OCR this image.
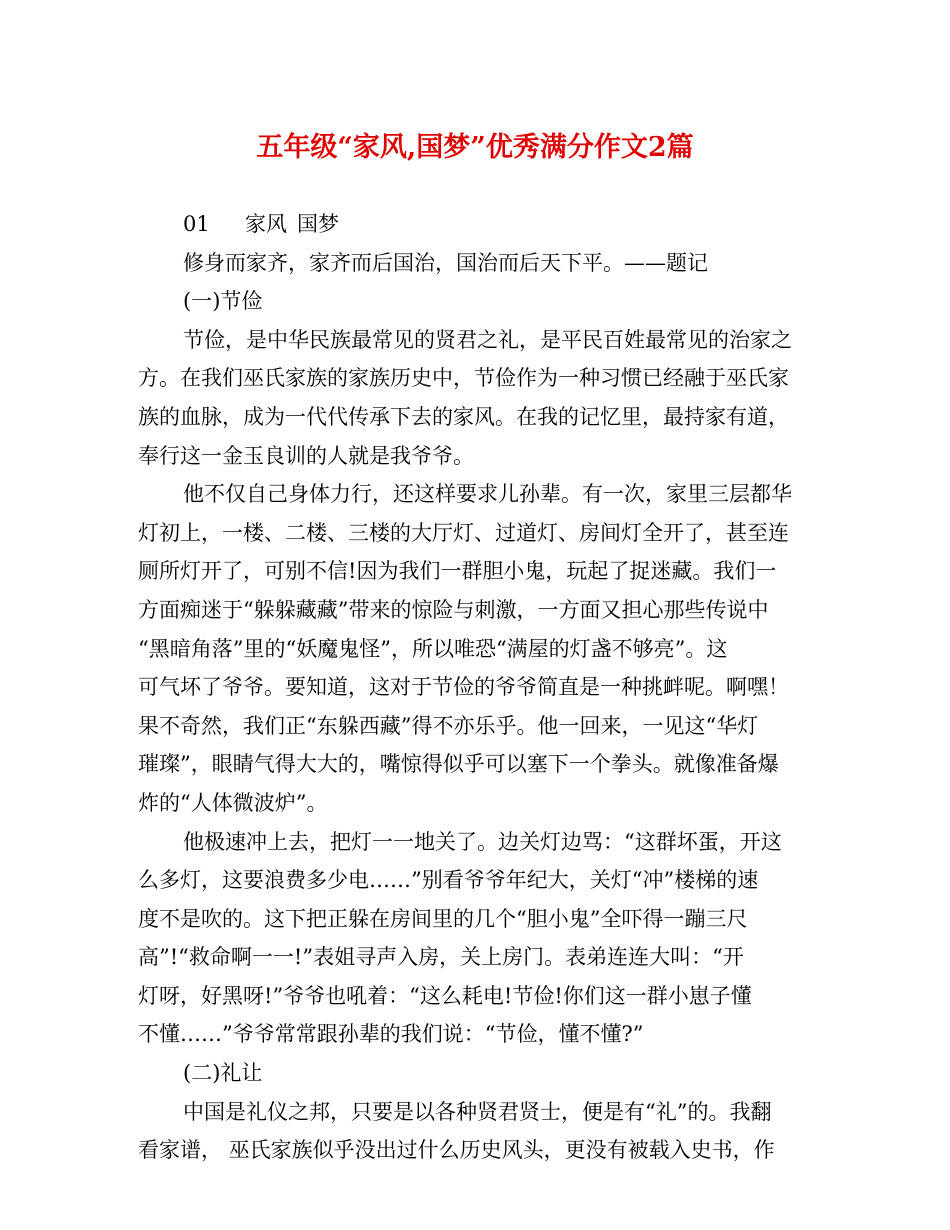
五年级“家风,国梦”优秀满分作文2篇
01 家风 国梦
修身而家齐，家齐而后国治，国治而后天下平。——题记
(一)节俭
节俭，是中华民族最常见的贤君之礼，是平民百姓最常见的治家之
方。在我们巫氏家族的家族历史中，节俭作为一种习惯已经融于巫氏家
族的血脉，成为一代代传承下去的家风。在我的记忆里，最持家有道，
奉行这一金玉良训的人就是我爷爷。
他不仅自己身体力行，还这样要求儿孙辈。有一次，家里三层都华
灯初上，一楼、二楼、三楼的大厅灯、过道灯、房间灯全开了，甚至连
厕所灯开了，可别不信!因为我们一群胆小鬼，玩起了捉迷藏。我们一
方面痴迷于“躲躲藏藏”带来的惊险与刺激，一方面又担心那些传说中
“黑暗角落”里的“妖魔鬼怪”，所以唯恐“满屋的灯盏不够亮”。这
可气坏了爷爷。要知道，这对于节俭的爷爷简直是一种挑衅呢。啊嘿！
果不奇然，我们正“东躲西藏”得不亦乐乎。他一回来，一见这“华灯
璀璨”，眼睛气得大大的，嘴惊得似乎可以塞下一个拳头。就像准备爆
炸的“人体微波炉”。
他极速冲上去，把灯一一地关了。边关灯边骂：“这群坏蛋，开这
么多灯，这要浪费多少电……”别看爷爷年纪大，关灯“冲”楼梯的速
度不是吹的。这下把正躲在房间里的几个“胆小鬼”全吓得一蹦三尺
高”!“救命啊一一!”表姐寻声入房，关上房门。表弟连连大叫：“开
灯呀，好黑呀!”爷爷也吼着：“这么耗电!节俭!你们这一群小崽子懂
不懂……”爷爷常常跟孙辈的我们说：“节俭，懂不懂?”
(二)礼让
中国是礼仪之邦，只要是以各种贤君贤士，便是有“礼”的。我翻
看家谱， 巫氏家族似乎没出过什么历史风头，更没有被载入史书，作
